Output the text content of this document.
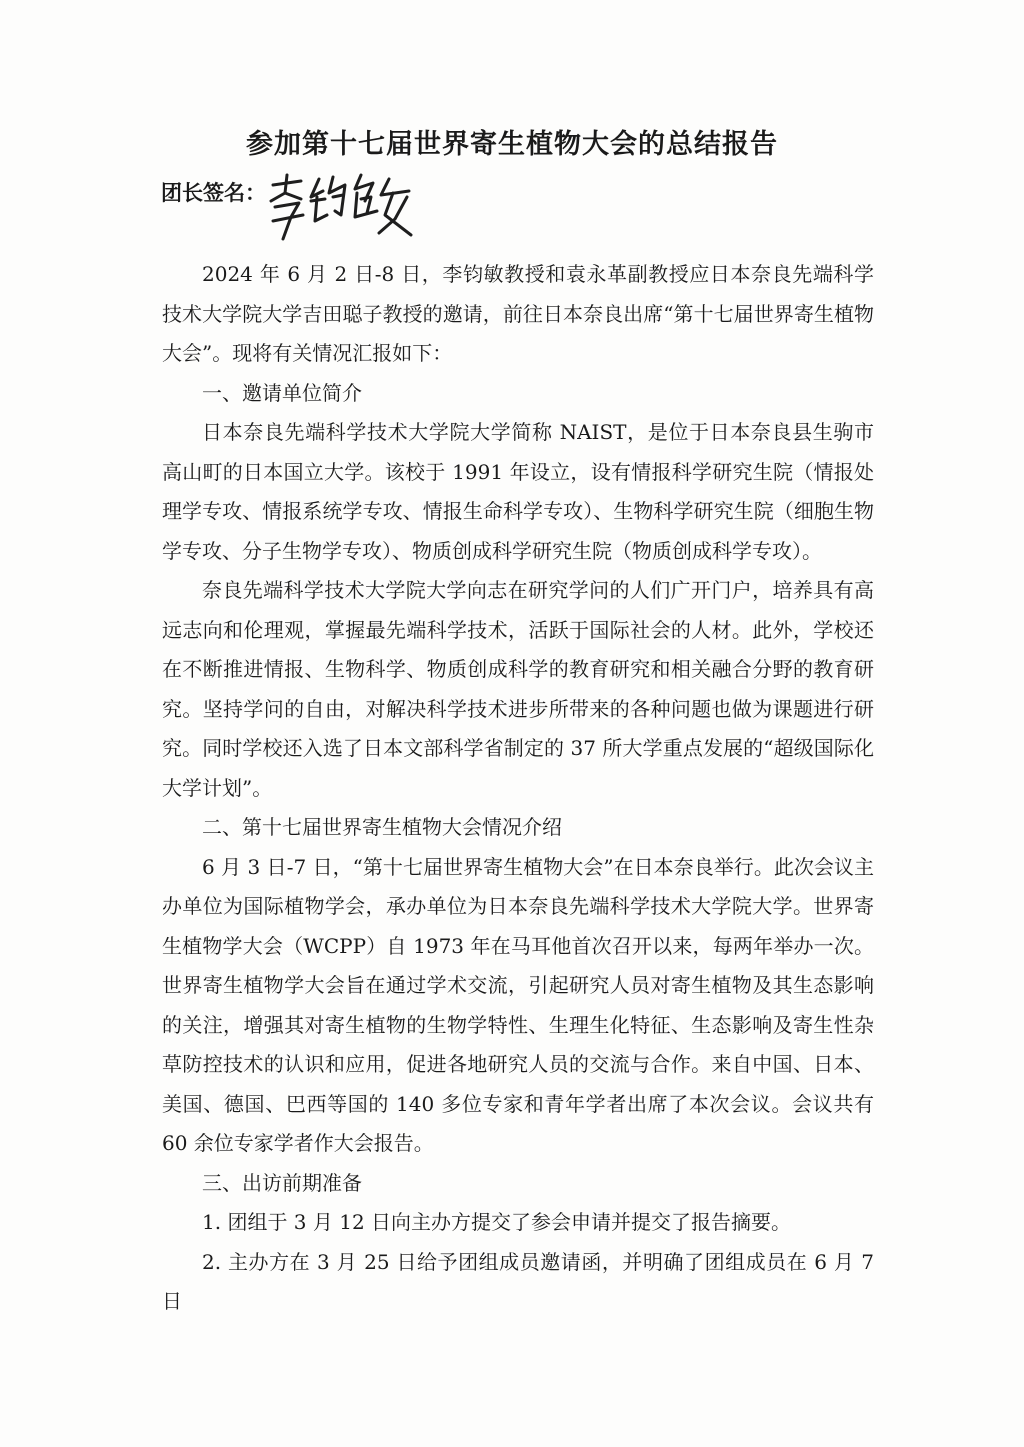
参加第十七届世界寄生植物大会的总结报告
团长签名：

2024 年 6 月 2 日-8 日，李钧敏教授和袁永革副教授应日本奈良先端科学技术大学院大学吉田聪子教授的邀请，前往日本奈良出席“第十七届世界寄生植物大会”。现将有关情况汇报如下：

一、邀请单位简介

日本奈良先端科学技术大学院大学简称 NAIST，是位于日本奈良县生驹市高山町的日本国立大学。该校于 1991 年设立，设有情报科学研究生院（情报处理学专攻、情报系统学专攻、情报生命科学专攻）、生物科学研究生院（细胞生物学专攻、分子生物学专攻）、物质创成科学研究生院（物质创成科学专攻）。

奈良先端科学技术大学院大学向志在研究学问的人们广开门户，培养具有高远志向和伦理观，掌握最先端科学技术，活跃于国际社会的人材。此外，学校还在不断推进情报、生物科学、物质创成科学的教育研究和相关融合分野的教育研究。坚持学问的自由，对解决科学技术进步所带来的各种问题也做为课题进行研究。同时学校还入选了日本文部科学省制定的 37 所大学重点发展的“超级国际化大学计划”。

二、第十七届世界寄生植物大会情况介绍

6 月 3 日-7 日，“第十七届世界寄生植物大会”在日本奈良举行。此次会议主办单位为国际植物学会，承办单位为日本奈良先端科学技术大学院大学。世界寄生植物学大会（WCPP）自 1973 年在马耳他首次召开以来，每两年举办一次。世界寄生植物学大会旨在通过学术交流，引起研究人员对寄生植物及其生态影响的关注，增强其对寄生植物的生物学特性、生理生化特征、生态影响及寄生性杂草防控技术的认识和应用，促进各地研究人员的交流与合作。来自中国、日本、美国、德国、巴西等国的 140 多位专家和青年学者出席了本次会议。会议共有 60 余位专家学者作大会报告。

三、出访前期准备

1. 团组于 3 月 12 日向主办方提交了参会申请并提交了报告摘要。

2. 主办方在 3 月 25 日给予团组成员邀请函，并明确了团组成员在 6 月 7 日
